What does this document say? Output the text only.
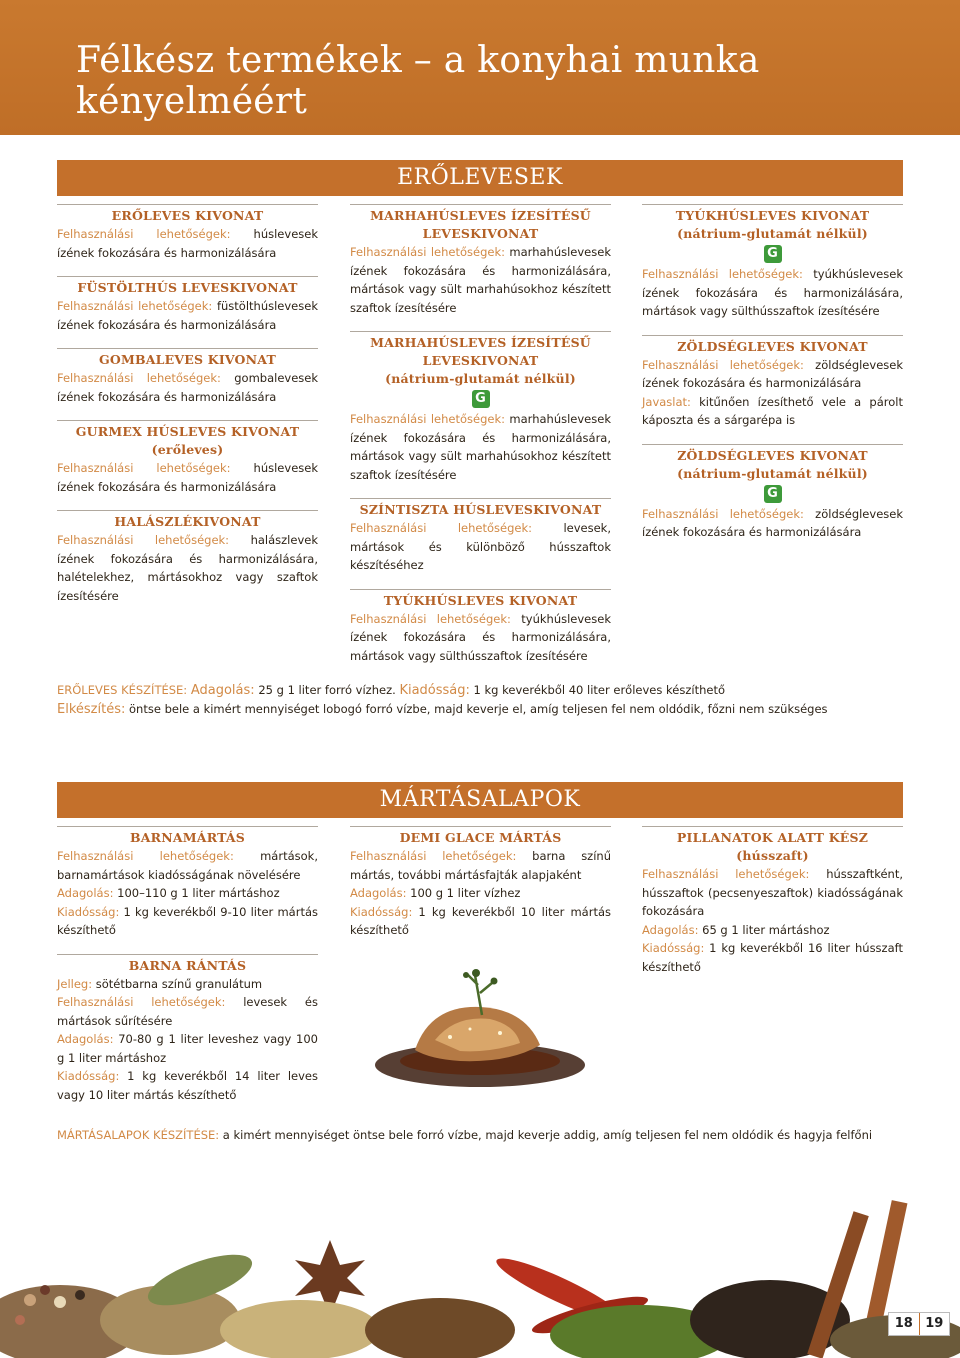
Félkész termékek – a konyhai munka kényelméért
ERŐLEVESEK
ERŐLEVES KIVONAT
Felhasználási lehetőségek: húslevesek ízének fokozására és harmonizálására
FÜSTÖLTHÚS LEVESKIVONAT
Felhasználási lehetőségek: füstölthúslevesek ízének fokozására és harmonizálására
GOMBALEVES KIVONAT
Felhasználási lehetőségek: gombalevesek ízének fokozására és harmonizálására
GURMEX HÚSLEVES KIVONAT
(erőleves)
Felhasználási lehetőségek: húslevesek ízének fokozására és harmonizálására
HALÁSZLÉKIVONAT
Felhasználási lehetőségek: halászlevek ízének fokozására és harmonizálására, halételekhez, mártásokhoz vagy szaftok ízesítésére
MARHAHÚSLEVES ÍZESÍTÉSŰ
LEVESKIVONAT
Felhasználási lehetőségek: marhahúslevesek ízének fokozására és harmonizálására, mártások vagy sült marhahúsokhoz készített szaftok ízesítésére
MARHAHÚSLEVES ÍZESÍTÉSŰ
LEVESKIVONAT
(nátrium-glutamát nélkül)
G
Felhasználási lehetőségek: marhahúslevesek ízének fokozására és harmonizálására, mártások vagy sült marhahúsokhoz készített szaftok ízesítésére
SZÍNTISZTA HÚSLEVESKIVONAT
Felhasználási lehetőségek: levesek, mártások és különböző hússzaftok készítéséhez
TYÚKHÚSLEVES KIVONAT
Felhasználási lehetőségek: tyúkhúslevesek ízének fokozására és harmonizálására, mártások vagy sülthússzaftok ízesítésére
TYÚKHÚSLEVES KIVONAT
(nátrium-glutamát nélkül)
G
Felhasználási lehetőségek: tyúkhúslevesek ízének fokozására és harmonizálására, mártások vagy sülthússzaftok ízesítésére
ZÖLDSÉGLEVES KIVONAT
Felhasználási lehetőségek: zöldséglevesek ízének fokozására és harmonizálására
Javaslat: kitűnően ízesíthető vele a párolt káposzta és a sárgarépa is
ZÖLDSÉGLEVES KIVONAT
(nátrium-glutamát nélkül)
G
Felhasználási lehetőségek: zöldséglevesek ízének fokozására és harmonizálására
ERŐLEVES KÉSZÍTÉSE: Adagolás: 25 g 1 liter forró vízhez. Kiadósság: 1 kg keverékből 40 liter erőleves készíthető
Elkészítés: öntse bele a kimért mennyiséget lobogó forró vízbe, majd keverje el, amíg teljesen fel nem oldódik, főzni nem szükséges
MÁRTÁSALAPOK
BARNAMÁRTÁS
Felhasználási lehetőségek: mártások, barnamártások kiadósságának növelésére
Adagolás: 100–110 g 1 liter mártáshoz
Kiadósság: 1 kg keverékből 9-10 liter mártás készíthető
BARNA RÁNTÁS
Jelleg: sötétbarna színű granulátum
Felhasználási lehetőségek: levesek és mártások sűrítésére
Adagolás: 70-80 g 1 liter leveshez vagy 100 g 1 liter mártáshoz
Kiadósság: 1 kg keverékből 14 liter leves vagy 10 liter mártás készíthető
DEMI GLACE MÁRTÁS
Felhasználási lehetőségek: barna színű mártás, további mártásfajták alapjaként
Adagolás: 100 g 1 liter vízhez
Kiadósság: 1 kg keverékből 10 liter mártás készíthető
PILLANATOK ALATT KÉSZ
(hússzaft)
Felhasználási lehetőségek: hússzaftként, hússzaftok (pecsenyeszaftok) kiadósságának fokozására
Adagolás: 65 g 1 liter mártáshoz
Kiadósság: 1 kg keverékből 16 liter hússzaft készíthető
MÁRTÁSALAPOK KÉSZÍTÉSE: a kimért mennyiséget öntse bele forró vízbe, majd keverje addig, amíg teljesen fel nem oldódik és hagyja felfőni
18 19
